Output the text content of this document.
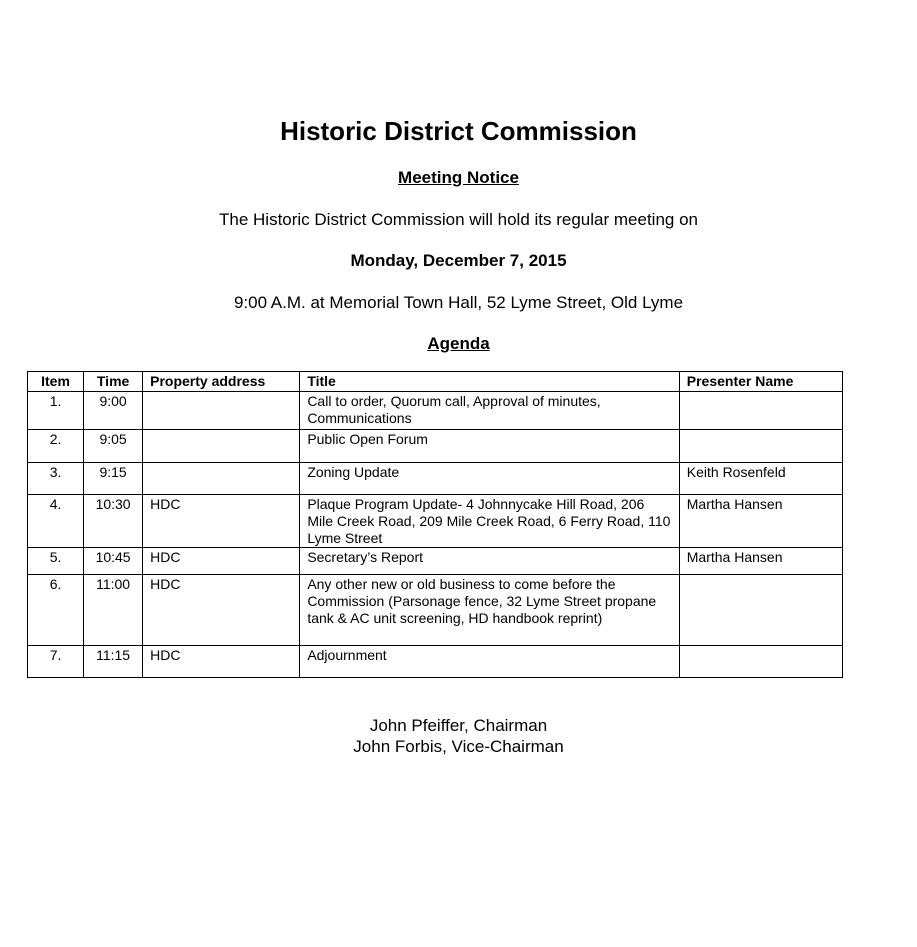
Historic District Commission
Meeting Notice
The Historic District Commission will hold its regular meeting on
Monday, December 7, 2015
9:00 A.M. at Memorial Town Hall, 52 Lyme Street, Old Lyme
Agenda
Item	Time	Property address	Title	Presenter Name
1.	9:00		Call to order, Quorum call, Approval of minutes, Communications	
2.	9:05		Public Open Forum	
3.	9:15		Zoning Update	Keith Rosenfeld
4.	10:30	HDC	Plaque Program Update- 4 Johnnycake Hill Road, 206 Mile Creek Road, 209 Mile Creek Road, 6 Ferry Road, 110 Lyme Street	Martha Hansen
5.	10:45	HDC	Secretary’s Report	Martha Hansen
6.	11:00	HDC	Any other new or old business to come before the Commission (Parsonage fence, 32 Lyme Street propane tank & AC unit screening, HD handbook reprint)	
7.	11:15	HDC	Adjournment	
John Pfeiffer, Chairman
John Forbis, Vice-Chairman
